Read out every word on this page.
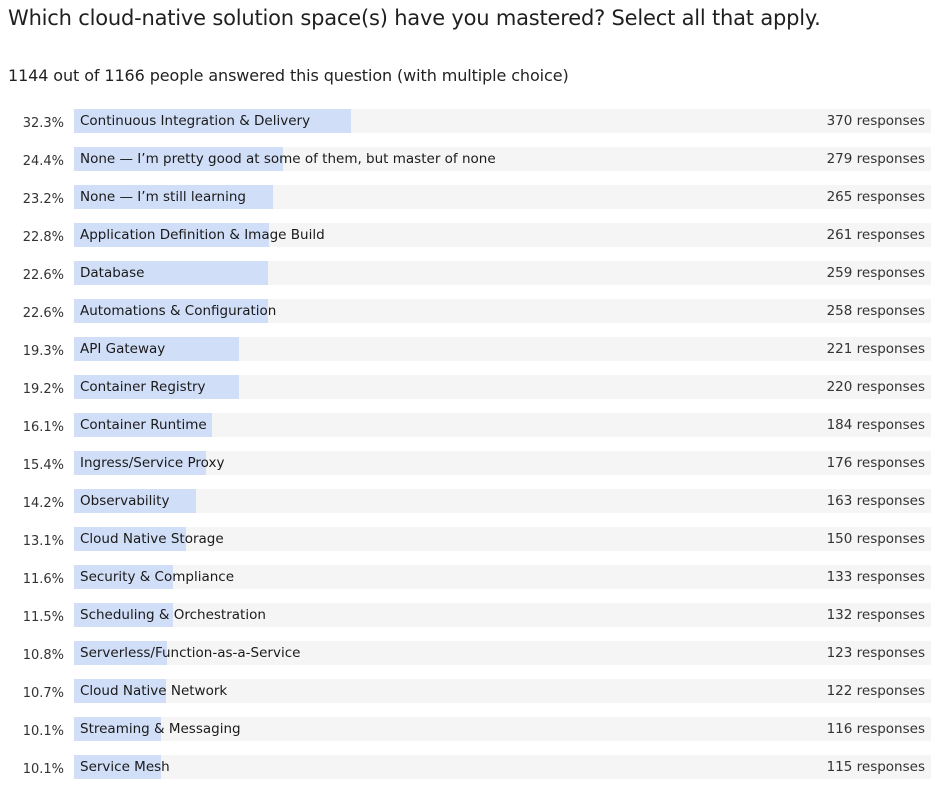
Which cloud-native solution space(s) have you mastered? Select all that apply.

1144 out of 1166 people answered this question (with multiple choice)

32.3% Continuous Integration & Delivery	370 responses
24.4% None — I’m pretty good at some of them, but master of none	279 responses
23.2% None — I’m still learning	265 responses
22.8% Application Definition & Image Build	261 responses
22.6% Database	259 responses
22.6% Automations & Configuration	258 responses
19.3% API Gateway	221 responses
19.2% Container Registry	220 responses
16.1% Container Runtime	184 responses
15.4% Ingress/Service Proxy	176 responses
14.2% Observability	163 responses
13.1% Cloud Native Storage	150 responses
11.6% Security & Compliance	133 responses
11.5% Scheduling & Orchestration	132 responses
10.8% Serverless/Function-as-a-Service	123 responses
10.7% Cloud Native Network	122 responses
10.1% Streaming & Messaging	116 responses
10.1% Service Mesh	115 responses
